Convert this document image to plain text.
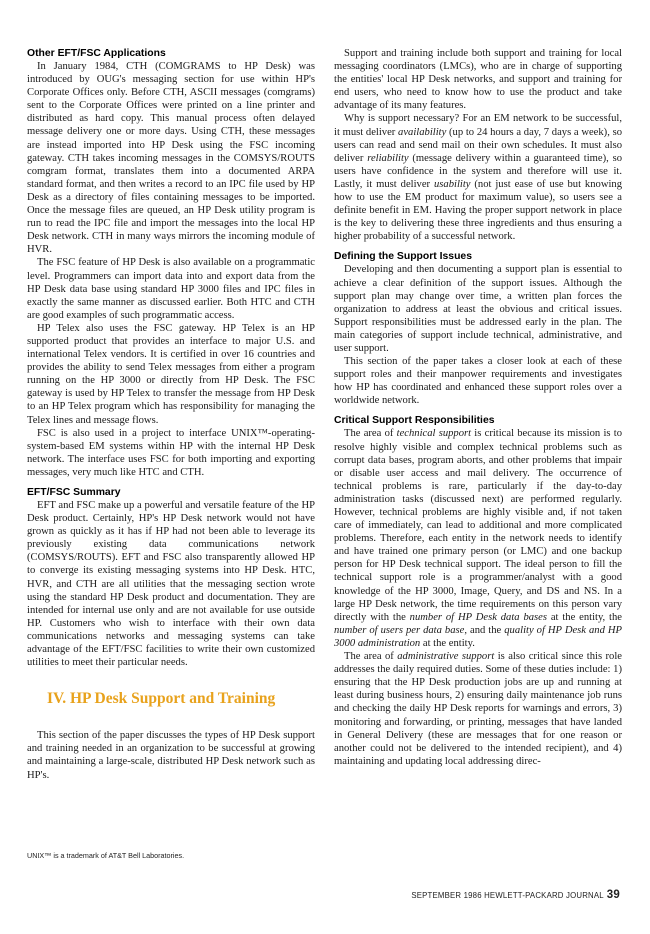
Other EFT/FSC Applications

In January 1984, CTH (COMGRAMS to HP Desk) was introduced by OUG's messaging section for use within HP's Corporate Offices only. Before CTH, ASCII messages (comgrams) sent to the Corporate Offices were printed on a line printer and distributed as hard copy. This manual process often delayed message delivery one or more days. Using CTH, these messages are instead imported into HP Desk using the FSC incoming gateway. CTH takes incoming messages in the COMSYS/ROUTS comgram format, translates them into a documented ARPA standard format, and then writes a record to an IPC file used by HP Desk as a directory of files containing messages to be imported. Once the message files are queued, an HP Desk utility program is run to read the IPC file and import the messages into the local HP Desk network. CTH in many ways mirrors the incoming module of HVR.

The FSC feature of HP Desk is also available on a programmatic level. Programmers can import data into and export data from the HP Desk data base using standard HP 3000 files and IPC files in exactly the same manner as discussed earlier. Both HTC and CTH are good examples of such programmatic access.

HP Telex also uses the FSC gateway. HP Telex is an HP supported product that provides an interface to major U.S. and international Telex vendors. It is certified in over 16 countries and provides the ability to send Telex messages from either a program running on the HP 3000 or directly from HP Desk. The FSC gateway is used by HP Telex to transfer the message from HP Desk to an HP Telex program which has responsibility for managing the Telex lines and message flows.

FSC is also used in a project to interface UNIX™-operating-system-based EM systems within HP with the internal HP Desk network. The interface uses FSC for both importing and exporting messages, very much like HTC and CTH.

EFT/FSC Summary

EFT and FSC make up a powerful and versatile feature of the HP Desk product. Certainly, HP's HP Desk network would not have grown as quickly as it has if HP had not been able to leverage its previously existing data communications network (COMSYS/ROUTS). EFT and FSC also transparently allowed HP to converge its existing messaging systems into HP Desk. HTC, HVR, and CTH are all utilities that the messaging section wrote using the standard HP Desk product and documentation. They are intended for internal use only and are not available for use outside HP. Customers who wish to interface with their own data communications networks and messaging systems can take advantage of the EFT/FSC facilities to write their own customized utilities to meet their particular needs.

IV. HP Desk Support and Training

This section of the paper discusses the types of HP Desk support and training needed in an organization to be successful at growing and maintaining a large-scale, distributed HP Desk network such as HP's.

Support and training include both support and training for local messaging coordinators (LMCs), who are in charge of supporting the entities' local HP Desk networks, and support and training for end users, who need to know how to use the product and take advantage of its many features.

Why is support necessary? For an EM network to be successful, it must deliver availability (up to 24 hours a day, 7 days a week), so users can read and send mail on their own schedules. It must also deliver reliability (message delivery within a guaranteed time), so users have confidence in the system and therefore will use it. Lastly, it must deliver usability (not just ease of use but knowing how to use the EM product for maximum value), so users see a definite benefit in EM. Having the proper support network in place is the key to delivering these three ingredients and thus ensuring a higher probability of a successful network.

Defining the Support Issues

Developing and then documenting a support plan is essential to achieve a clear definition of the support issues. Although the support plan may change over time, a written plan forces the organization to address at least the obvious and critical issues. Support responsibilities must be addressed early in the plan. The main categories of support include technical, administrative, and user support.

This section of the paper takes a closer look at each of these support roles and their manpower requirements and investigates how HP has coordinated and enhanced these support roles over a worldwide network.

Critical Support Responsibilities

The area of technical support is critical because its mission is to resolve highly visible and complex technical problems such as corrupt data bases, program aborts, and other problems that impair or disable user access and mail delivery. The occurrence of technical problems is rare, particularly if the day-to-day administration tasks (discussed next) are performed regularly. However, technical problems are highly visible and, if not taken care of immediately, can lead to additional and more complicated problems. Therefore, each entity in the network needs to identify and have trained one primary person (or LMC) and one backup person for HP Desk technical support. The ideal person to fill the technical support role is a programmer/analyst with a good knowledge of the HP 3000, Image, Query, and DS and NS. In a large HP Desk network, the time requirements on this person vary directly with the number of HP Desk data bases at the entity, the number of users per data base, and the quality of HP Desk and HP 3000 administration at the entity.

The area of administrative support is also critical since this role addresses the daily required duties. Some of these duties include: 1) ensuring that the HP Desk production jobs are up and running at least during business hours, 2) ensuring daily maintenance job runs and checking the daily HP Desk reports for warnings and errors, 3) monitoring and forwarding, or printing, messages that have landed in General Delivery (these are messages that for one reason or another could not be delivered to the intended recipient), and 4) maintaining and updating local addressing direc-

UNIX™ is a trademark of AT&T Bell Laboratories.
SEPTEMBER 1986 HEWLETT-PACKARD JOURNAL 39
